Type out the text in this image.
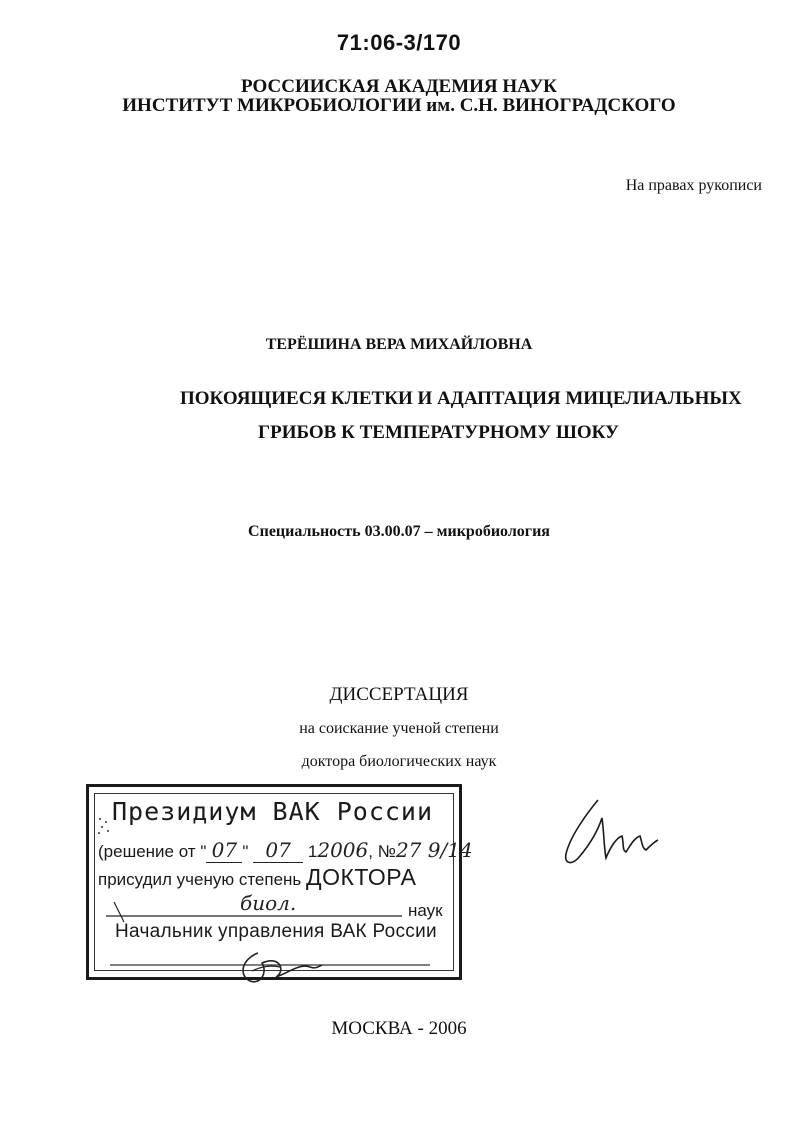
71:06-3/170
РОССИИСКАЯ АКАДЕМИЯ НАУК
ИНСТИТУТ МИКРОБИОЛОГИИ им. С.Н. ВИНОГРАДСКОГО
На правах рукописи
ТЕРЁШИНА ВЕРА МИХАЙЛОВНА
ПОКОЯЩИЕСЯ КЛЕТКИ И АДАПТАЦИЯ МИЦЕЛИАЛЬНЫХ
ГРИБОВ К ТЕМПЕРАТУРНОМУ ШОКУ
Специальность 03.00.07 – микробиология
ДИССЕРТАЦИЯ
на соискание ученой степени
доктора биологических наук
Президиум ВАК России
(решение от " 07 " 07 12006, №27 9/14
присудил ученую степень ДОКТОРА
биол.	наук
Начальник управления ВАК России
МОСКВА - 2006
